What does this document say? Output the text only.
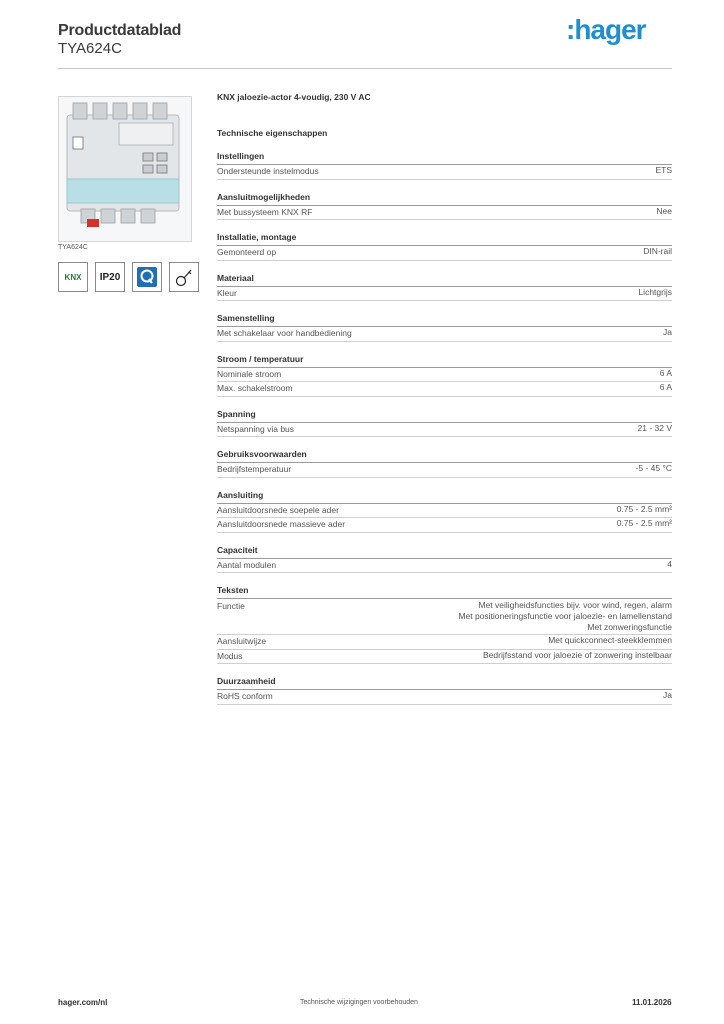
Productdatablad
TYA624C
:hager
TYA624C
KNX IP20
KNX jaloezie-actor 4-voudig, 230 V AC
Technische eigenschappen
Instellingen
Ondersteunde instelmodus	ETS
Aansluitmogelijkheden
Met bussysteem KNX RF	Nee
Installatie, montage
Gemonteerd op	DIN-rail
Materiaal
Kleur	Lichtgrijs
Samenstelling
Met schakelaar voor handbediening	Ja
Stroom / temperatuur
Nominale stroom	6 A
Max. schakelstroom	6 A
Spanning
Netspanning via bus	21 - 32 V
Gebruiksvoorwaarden
Bedrijfstemperatuur	-5 - 45 °C
Aansluiting
Aansluitdoorsnede soepele ader	0.75 - 2.5 mm²
Aansluitdoorsnede massieve ader	0.75 - 2.5 mm²
Capaciteit
Aantal modulen	4
Teksten
Functie	Met veiligheidsfuncties bijv. voor wind, regen, alarm
Met positioneringsfunctie voor jaloezie- en lamellenstand
Met zonweringsfunctie
Aansluitwijze	Met quickconnect-steekklemmen
Modus	Bedrijfsstand voor jaloezie of zonwering instelbaar
Duurzaamheid
RoHS conform	Ja
hager.com/nl	Technische wijzigingen voorbehouden	11.01.2026
